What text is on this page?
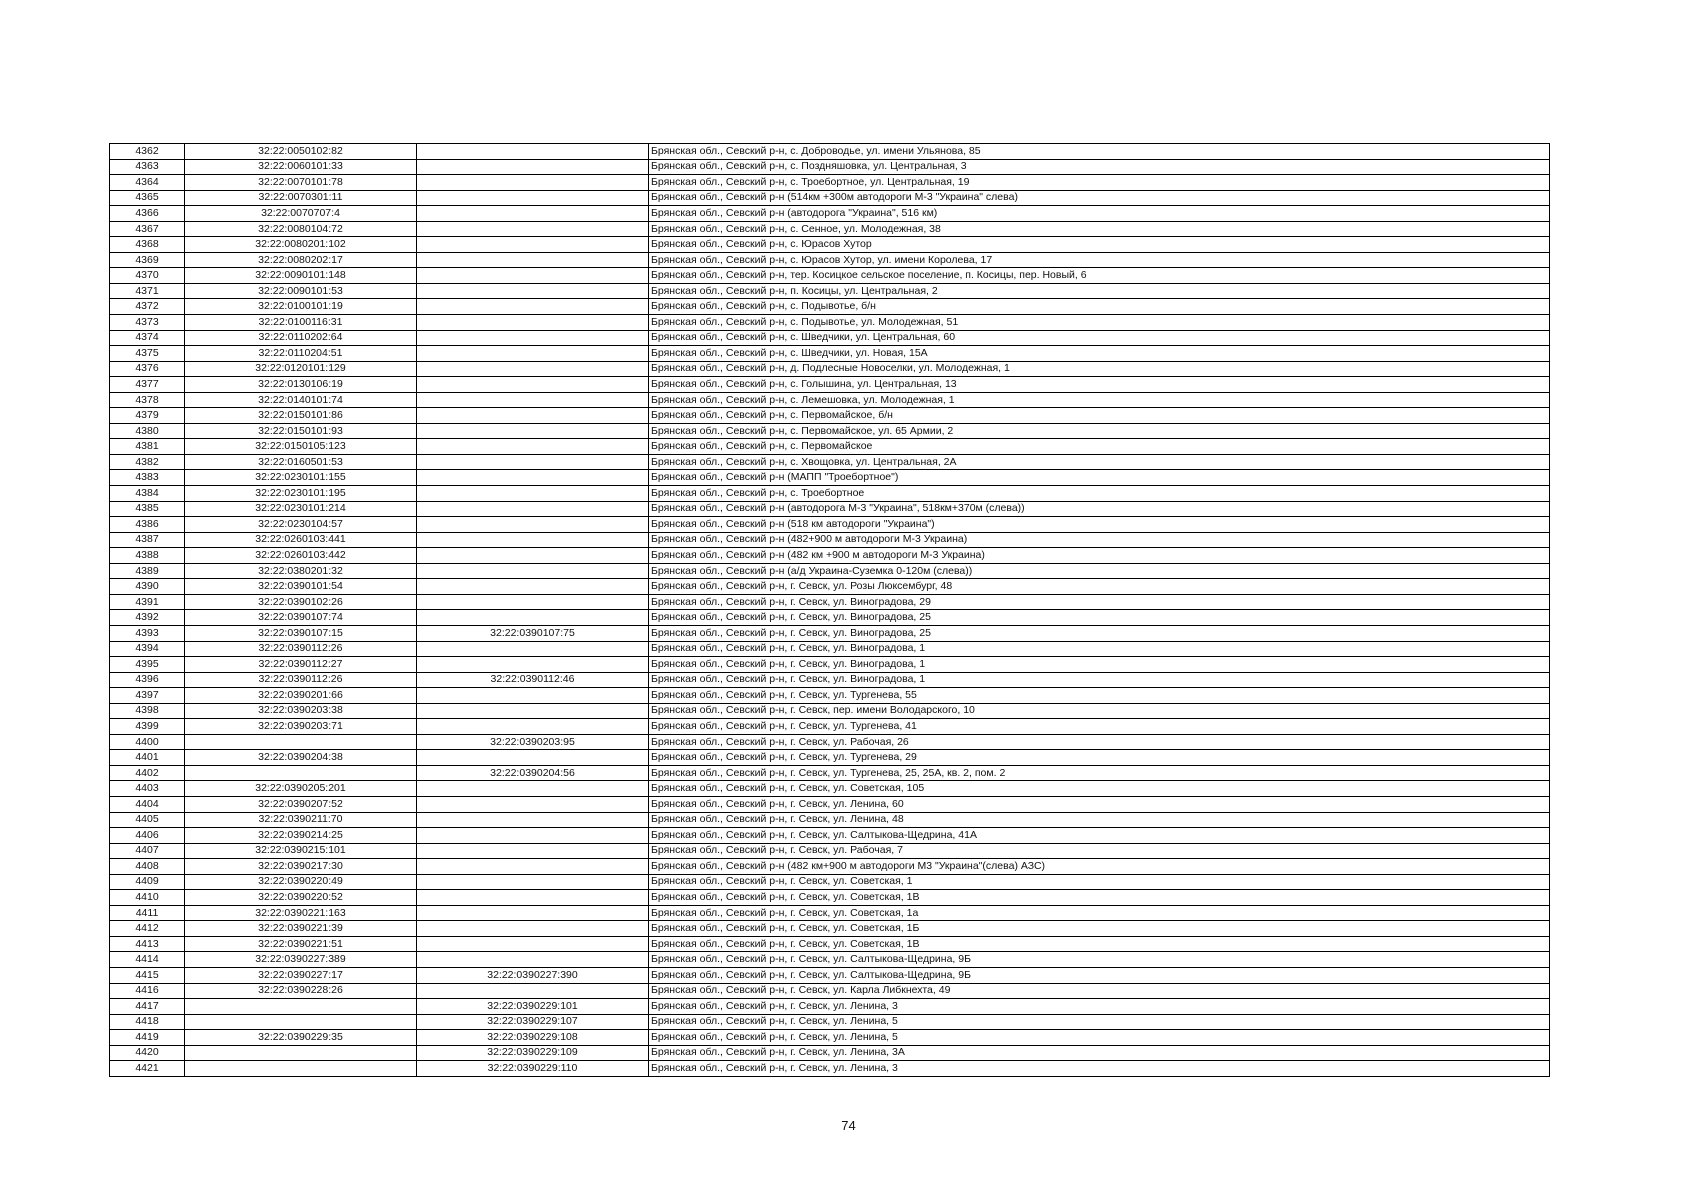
4362	32:22:0050102:82		Брянская обл., Севский р-н, с. Доброводье, ул. имени Ульянова, 85
4363	32:22:0060101:33		Брянская обл., Севский р-н, с. Поздняшовка, ул. Центральная, 3
4364	32:22:0070101:78		Брянская обл., Севский р-н, с. Троебортное, ул. Центральная, 19
4365	32:22:0070301:11		Брянская обл., Севский р-н (514км +300м автодороги М-3 "Украина" слева)
4366	32:22:0070707:4		Брянская обл., Севский р-н (автодорога "Украина", 516 км)
4367	32:22:0080104:72		Брянская обл., Севский р-н, с. Сенное, ул. Молодежная, 38
4368	32:22:0080201:102		Брянская обл., Севский р-н, с. Юрасов Хутор
4369	32:22:0080202:17		Брянская обл., Севский р-н, с. Юрасов Хутор, ул. имени Королева, 17
4370	32:22:0090101:148		Брянская обл., Севский р-н, тер. Косицкое сельское поселение, п. Косицы, пер. Новый, 6
4371	32:22:0090101:53		Брянская обл., Севский р-н, п. Косицы, ул. Центральная, 2
4372	32:22:0100101:19		Брянская обл., Севский р-н, с. Подывотье, б/н
4373	32:22:0100116:31		Брянская обл., Севский р-н, с. Подывотье, ул. Молодежная, 51
4374	32:22:0110202:64		Брянская обл., Севский р-н, с. Шведчики, ул. Центральная, 60
4375	32:22:0110204:51		Брянская обл., Севский р-н, с. Шведчики, ул. Новая, 15А
4376	32:22:0120101:129		Брянская обл., Севский р-н, д. Подлесные Новоселки, ул. Молодежная, 1
4377	32:22:0130106:19		Брянская обл., Севский р-н, с. Голышина, ул. Центральная, 13
4378	32:22:0140101:74		Брянская обл., Севский р-н, с. Лемешовка, ул. Молодежная, 1
4379	32:22:0150101:86		Брянская обл., Севский р-н, с. Первомайское, б/н
4380	32:22:0150101:93		Брянская обл., Севский р-н, с. Первомайское, ул. 65 Армии, 2
4381	32:22:0150105:123		Брянская обл., Севский р-н, с. Первомайское
4382	32:22:0160501:53		Брянская обл., Севский р-н, с. Хвощовка, ул. Центральная, 2А
4383	32:22:0230101:155		Брянская обл., Севский р-н (МАПП "Троебортное")
4384	32:22:0230101:195		Брянская обл., Севский р-н, с. Троебортное
4385	32:22:0230101:214		Брянская обл., Севский р-н (автодорога М-3 "Украина", 518км+370м (слева))
4386	32:22:0230104:57		Брянская обл., Севский р-н (518 км автодороги "Украина")
4387	32:22:0260103:441		Брянская обл., Севский р-н (482+900 м автодороги М-3 Украина)
4388	32:22:0260103:442		Брянская обл., Севский р-н (482 км +900 м автодороги М-3 Украина)
4389	32:22:0380201:32		Брянская обл., Севский р-н (а/д Украина-Суземка 0-120м (слева))
4390	32:22:0390101:54		Брянская обл., Севский р-н, г. Севск, ул. Розы Люксембург, 48
4391	32:22:0390102:26		Брянская обл., Севский р-н, г. Севск, ул. Виноградова, 29
4392	32:22:0390107:74		Брянская обл., Севский р-н, г. Севск, ул. Виноградова, 25
4393	32:22:0390107:15	32:22:0390107:75	Брянская обл., Севский р-н, г. Севск, ул. Виноградова, 25
4394	32:22:0390112:26		Брянская обл., Севский р-н, г. Севск, ул. Виноградова, 1
4395	32:22:0390112:27		Брянская обл., Севский р-н, г. Севск, ул. Виноградова, 1
4396	32:22:0390112:26	32:22:0390112:46	Брянская обл., Севский р-н, г. Севск, ул. Виноградова, 1
4397	32:22:0390201:66		Брянская обл., Севский р-н, г. Севск, ул. Тургенева, 55
4398	32:22:0390203:38		Брянская обл., Севский р-н, г. Севск, пер. имени Володарского, 10
4399	32:22:0390203:71		Брянская обл., Севский р-н, г. Севск, ул. Тургенева, 41
4400		32:22:0390203:95	Брянская обл., Севский р-н, г. Севск, ул. Рабочая, 26
4401	32:22:0390204:38		Брянская обл., Севский р-н, г. Севск, ул. Тургенева, 29
4402		32:22:0390204:56	Брянская обл., Севский р-н, г. Севск, ул. Тургенева, 25, 25А, кв. 2, пом. 2
4403	32:22:0390205:201		Брянская обл., Севский р-н, г. Севск, ул. Советская, 105
4404	32:22:0390207:52		Брянская обл., Севский р-н, г. Севск, ул. Ленина, 60
4405	32:22:0390211:70		Брянская обл., Севский р-н, г. Севск, ул. Ленина, 48
4406	32:22:0390214:25		Брянская обл., Севский р-н, г. Севск, ул. Салтыкова-Щедрина, 41А
4407	32:22:0390215:101		Брянская обл., Севский р-н, г. Севск, ул. Рабочая, 7
4408	32:22:0390217:30		Брянская обл., Севский р-н (482 км+900 м автодороги М3 "Украина"(слева) АЗС)
4409	32:22:0390220:49		Брянская обл., Севский р-н, г. Севск, ул. Советская, 1
4410	32:22:0390220:52		Брянская обл., Севский р-н, г. Севск, ул. Советская, 1В
4411	32:22:0390221:163		Брянская обл., Севский р-н, г. Севск, ул. Советская, 1а
4412	32:22:0390221:39		Брянская обл., Севский р-н, г. Севск, ул. Советская, 1Б
4413	32:22:0390221:51		Брянская обл., Севский р-н, г. Севск, ул. Советская, 1В
4414	32:22:0390227:389		Брянская обл., Севский р-н, г. Севск, ул. Салтыкова-Щедрина, 9Б
4415	32:22:0390227:17	32:22:0390227:390	Брянская обл., Севский р-н, г. Севск, ул. Салтыкова-Щедрина, 9Б
4416	32:22:0390228:26		Брянская обл., Севский р-н, г. Севск, ул. Карла Либкнехта, 49
4417		32:22:0390229:101	Брянская обл., Севский р-н, г. Севск, ул. Ленина, 3
4418		32:22:0390229:107	Брянская обл., Севский р-н, г. Севск, ул. Ленина, 5
4419	32:22:0390229:35	32:22:0390229:108	Брянская обл., Севский р-н, г. Севск, ул. Ленина, 5
4420		32:22:0390229:109	Брянская обл., Севский р-н, г. Севск, ул. Ленина, 3А
4421		32:22:0390229:110	Брянская обл., Севский р-н, г. Севск, ул. Ленина, 3
74
